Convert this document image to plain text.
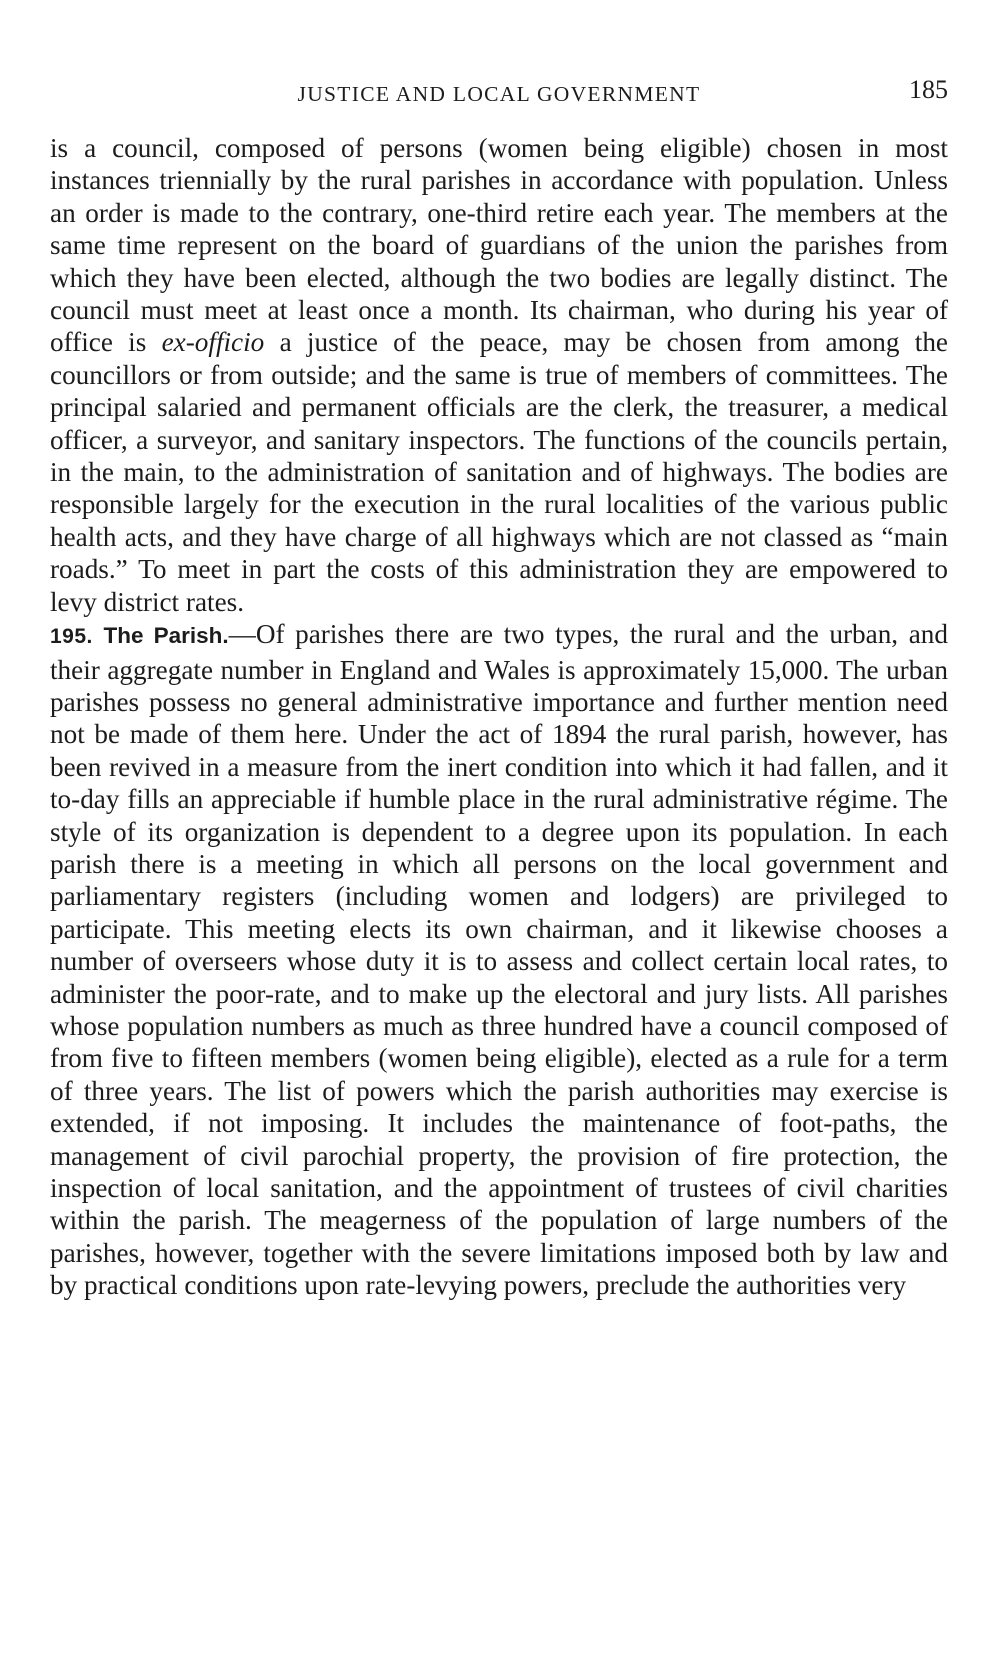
JUSTICE AND LOCAL GOVERNMENT	185

is a council, composed of persons (women being eligible) chosen in most instances triennially by the rural parishes in accordance with population. Unless an order is made to the contrary, one-third retire each year. The members at the same time represent on the board of guardians of the union the parishes from which they have been elected, although the two bodies are legally distinct. The council must meet at least once a month. Its chairman, who during his year of office is ex-officio a justice of the peace, may be chosen from among the councillors or from outside; and the same is true of members of committees. The principal salaried and permanent officials are the clerk, the treasurer, a medical officer, a surveyor, and sanitary inspectors. The functions of the councils pertain, in the main, to the administration of sanitation and of highways. The bodies are responsible largely for the execution in the rural localities of the various public health acts, and they have charge of all highways which are not classed as “main roads.” To meet in part the costs of this administration they are empowered to levy district rates.

195. The Parish.—Of parishes there are two types, the rural and the urban, and their aggregate number in England and Wales is approximately 15,000. The urban parishes possess no general administrative importance and further mention need not be made of them here. Under the act of 1894 the rural parish, however, has been revived in a measure from the inert condition into which it had fallen, and it to-day fills an appreciable if humble place in the rural administrative régime. The style of its organization is dependent to a degree upon its population. In each parish there is a meeting in which all persons on the local government and parliamentary registers (including women and lodgers) are privileged to participate. This meeting elects its own chairman, and it likewise chooses a number of overseers whose duty it is to assess and collect certain local rates, to administer the poor-rate, and to make up the electoral and jury lists. All parishes whose population numbers as much as three hundred have a council composed of from five to fifteen members (women being eligible), elected as a rule for a term of three years. The list of powers which the parish authorities may exercise is extended, if not imposing. It includes the maintenance of foot-paths, the management of civil parochial property, the provision of fire protection, the inspection of local sanitation, and the appointment of trustees of civil charities within the parish. The meagerness of the population of large numbers of the parishes, however, together with the severe limitations imposed both by law and by practical conditions upon rate-levying powers, preclude the authorities very
